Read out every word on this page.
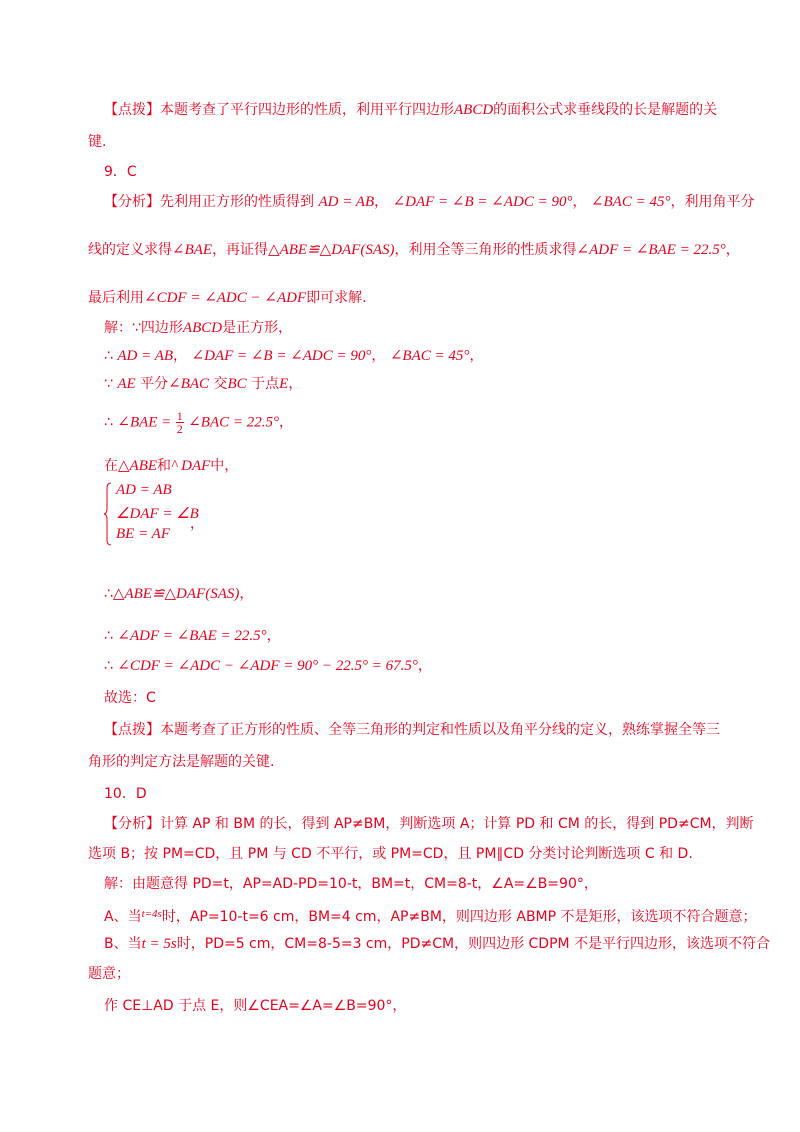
【点拨】本题考查了平行四边形的性质，利用平行四边形ABCD的面积公式求垂线段的长是解题的关
键.
9．C
【分析】先利用正方形的性质得到 AD = AB， ∠DAF = ∠B = ∠ADC = 90°， ∠BAC = 45°，利用角平分
线的定义求得∠BAE，再证得△ABE≌△DAF(SAS)，利用全等三角形的性质求得∠ADF = ∠BAE = 22.5°，
最后利用∠CDF = ∠ADC − ∠ADF即可求解.
解：∵四边形ABCD是正方形，
∴ AD = AB， ∠DAF = ∠B = ∠ADC = 90°， ∠BAC = 45°，
∵ AE 平分∠BAC 交BC 于点E，
∴ ∠BAE = $\frac{1}{2}$ ∠BAC = 22.5°，
在△ABE和^ DAF中，
AD = AB
∠DAF = ∠B
BE = AF
，
∴△ABE≌△DAF(SAS)，
∴ ∠ADF = ∠BAE = 22.5°，
∴ ∠CDF = ∠ADC − ∠ADF = 90° − 22.5° = 67.5°，
故选：C
【点拨】本题考查了正方形的性质、全等三角形的判定和性质以及角平分线的定义，熟练掌握全等三
角形的判定方法是解题的关键.
10．D
【分析】计算 AP 和 BM 的长，得到 AP≠BM，判断选项 A；计算 PD 和 CM 的长，得到 PD≠CM，判断
选项 B；按 PM=CD，且 PM 与 CD 不平行，或 PM=CD，且 PM∥CD 分类讨论判断选项 C 和 D.
解：由题意得 PD=t，AP=AD-PD=10-t，BM=t，CM=8-t，∠A=∠B=90°，
A、当$^{t=4s}$时，AP=10-t=6 cm，BM=4 cm，AP≠BM，则四边形 ABMP 不是矩形，该选项不符合题意；
B、当t = 5s时，PD=5 cm，CM=8-5=3 cm，PD≠CM，则四边形 CDPM 不是平行四边形，该选项不符合
题意；
作 CE⊥AD 于点 E，则∠CEA=∠A=∠B=90°，
